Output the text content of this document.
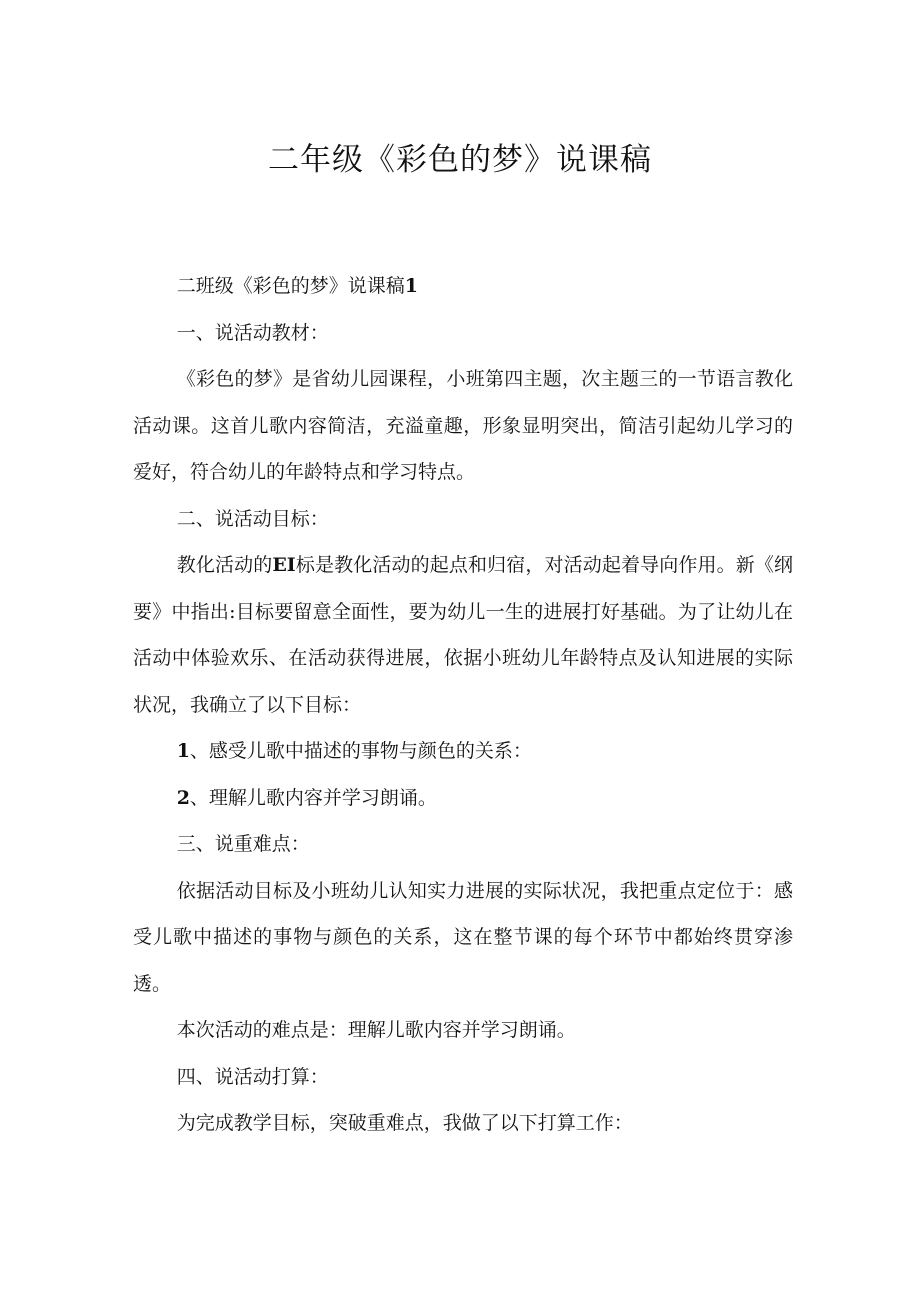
二年级《彩色的梦》说课稿

二班级《彩色的梦》说课稿1

一、说活动教材：

《彩色的梦》是省幼儿园课程，小班第四主题，次主题三的一节语言教化活动课。这首儿歌内容简洁，充溢童趣，形象显明突出，简洁引起幼儿学习的爱好，符合幼儿的年龄特点和学习特点。

二、说活动目标：

教化活动的EI标是教化活动的起点和归宿，对活动起着导向作用。新《纲要》中指出:目标要留意全面性，要为幼儿一生的进展打好基础。为了让幼儿在活动中体验欢乐、在活动获得进展，依据小班幼儿年龄特点及认知进展的实际状况，我确立了以下目标：

1、感受儿歌中描述的事物与颜色的关系：

2、理解儿歌内容并学习朗诵。

三、说重难点：

依据活动目标及小班幼儿认知实力进展的实际状况，我把重点定位于：感受儿歌中描述的事物与颜色的关系，这在整节课的每个环节中都始终贯穿渗透。

本次活动的难点是：理解儿歌内容并学习朗诵。

四、说活动打算：

为完成教学目标，突破重难点，我做了以下打算工作：
